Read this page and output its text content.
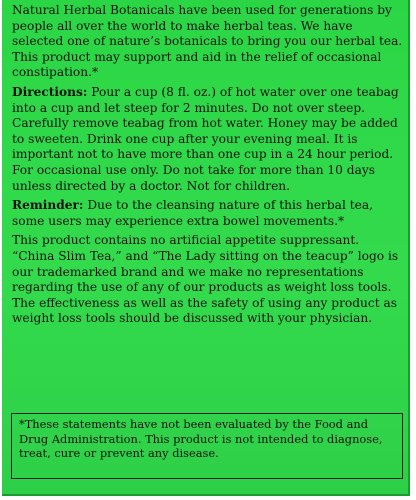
Natural Herbal Botanicals have been used for generations by people all over the world to make herbal teas. We have selected one of nature’s botanicals to bring you our herbal tea. This product may support and aid in the relief of occasional constipation.*

Directions: Pour a cup (8 fl. oz.) of hot water over one teabag into a cup and let steep for 2 minutes. Do not over steep. Carefully remove teabag from hot water. Honey may be added to sweeten. Drink one cup after your evening meal. It is important not to have more than one cup in a 24 hour period. For occasional use only. Do not take for more than 10 days unless directed by a doctor. Not for children.

Reminder: Due to the cleansing nature of this herbal tea, some users may experience extra bowel movements.*

This product contains no artificial appetite suppressant. “China Slim Tea,” and “The Lady sitting on the teacup” logo is our trademarked brand and we make no representations regarding the use of any of our products as weight loss tools. The effectiveness as well as the safety of using any product as weight loss tools should be discussed with your physician.

*These statements have not been evaluated by the Food and Drug Administration. This product is not intended to diagnose, treat, cure or prevent any disease.
